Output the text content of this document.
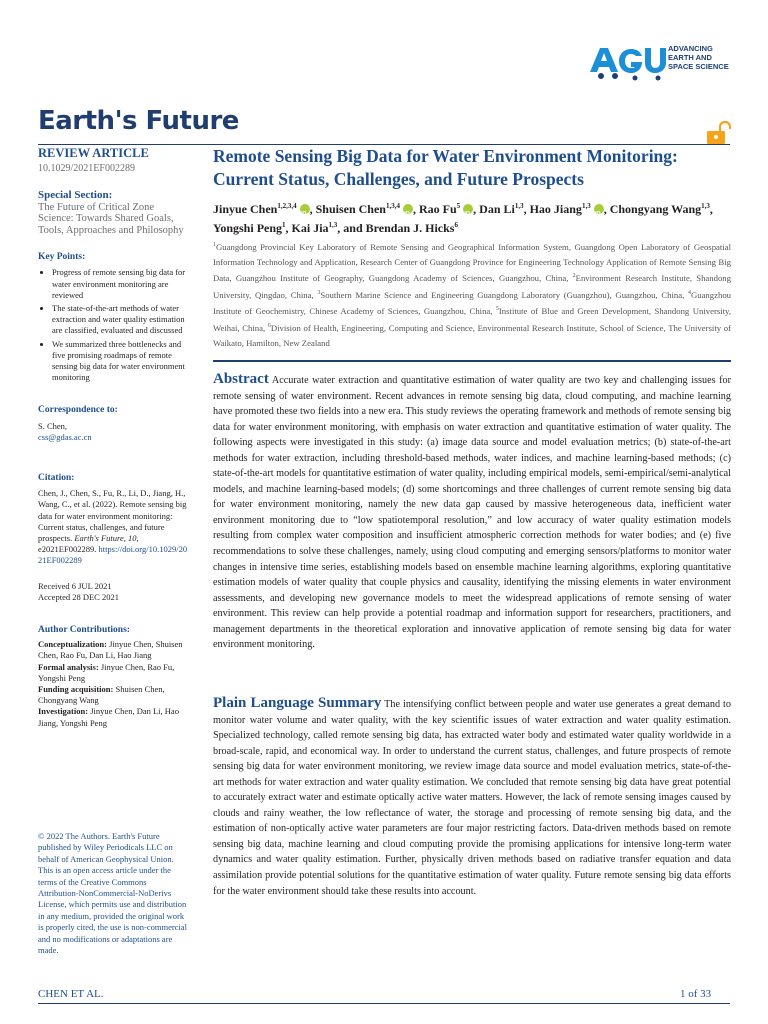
ADVANCING
EARTH AND
SPACE SCIENCE
Earth's Future
REVIEW ARTICLE
10.1029/2021EF002289
Special Section:
The Future of Critical Zone Science: Towards Shared Goals, Tools, Approaches and Philosophy
Key Points:
• Progress of remote sensing big data for water environment monitoring are reviewed
• The state-of-the-art methods of water extraction and water quality estimation are classified, evaluated and discussed
• We summarized three bottlenecks and five promising roadmaps of remote sensing big data for water environment monitoring
Correspondence to:
S. Chen,
css@gdas.ac.cn
Citation:
Chen, J., Chen, S., Fu, R., Li, D., Jiang, H., Wang, C., et al. (2022). Remote sensing big data for water environment monitoring: Current status, challenges, and future prospects. Earth's Future, 10, e2021EF002289. https://doi.org/10.1029/2021EF002289
Received 6 JUL 2021
Accepted 28 DEC 2021
Author Contributions:
Conceptualization: Jinyue Chen, Shuisen Chen, Rao Fu, Dan Li, Hao Jiang
Formal analysis: Jinyue Chen, Rao Fu, Yongshi Peng
Funding acquisition: Shuisen Chen, Chongyang Wang
Investigation: Jinyue Chen, Dan Li, Hao Jiang, Yongshi Peng
© 2022 The Authors. Earth's Future published by Wiley Periodicals LLC on behalf of American Geophysical Union. This is an open access article under the terms of the Creative Commons Attribution-NonCommercial-NoDerivs License, which permits use and distribution in any medium, provided the original work is properly cited, the use is non-commercial and no modifications or adaptations are made.
Remote Sensing Big Data for Water Environment Monitoring: Current Status, Challenges, and Future Prospects
Jinyue Chen$^{1,2,3,4}$ iD , Shuisen Chen$^{1,3,4}$ iD , Rao Fu$^5$ iD , Dan Li$^{1,3}$, Hao Jiang$^{1,3}$ iD , Chongyang Wang$^{1,3}$, Yongshi Peng$^1$, Kai Jia$^{1,3}$, and Brendan J. Hicks$^6$
$^1$Guangdong Provincial Key Laboratory of Remote Sensing and Geographical Information System, Guangdong Open Laboratory of Geospatial Information Technology and Application, Research Center of Guangdong Province for Engineering Technology Application of Remote Sensing Big Data, Guangzhou Institute of Geography, Guangdong Academy of Sciences, Guangzhou, China, $^2$Environment Research Institute, Shandong University, Qingdao, China, $^3$Southern Marine Science and Engineering Guangdong Laboratory (Guangzhou), Guangzhou, China, $^4$Guangzhou Institute of Geochemistry, Chinese Academy of Sciences, Guangzhou, China, $^5$Institute of Blue and Green Development, Shandong University, Weihai, China, $^6$Division of Health, Engineering, Computing and Science, Environmental Research Institute, School of Science, The University of Waikato, Hamilton, New Zealand
Abstract Accurate water extraction and quantitative estimation of water quality are two key and challenging issues for remote sensing of water environment. Recent advances in remote sensing big data, cloud computing, and machine learning have promoted these two fields into a new era. This study reviews the operating framework and methods of remote sensing big data for water environment monitoring, with emphasis on water extraction and quantitative estimation of water quality. The following aspects were investigated in this study: (a) image data source and model evaluation metrics; (b) state-of-the-art methods for water extraction, including threshold-based methods, water indices, and machine learning-based methods; (c) state-of-the-art models for quantitative estimation of water quality, including empirical models, semi-empirical/semi-analytical models, and machine learning-based models; (d) some shortcomings and three challenges of current remote sensing big data for water environment monitoring, namely the new data gap caused by massive heterogeneous data, inefficient water environment monitoring due to “low spatiotemporal resolution,” and low accuracy of water quality estimation models resulting from complex water composition and insufficient atmospheric correction methods for water bodies; and (e) five recommendations to solve these challenges, namely, using cloud computing and emerging sensors/platforms to monitor water changes in intensive time series, establishing models based on ensemble machine learning algorithms, exploring quantitative estimation models of water quality that couple physics and causality, identifying the missing elements in water environment assessments, and developing new governance models to meet the widespread applications of remote sensing of water environment. This review can help provide a potential roadmap and information support for researchers, practitioners, and management departments in the theoretical exploration and innovative application of remote sensing big data for water environment monitoring.
Plain Language Summary The intensifying conflict between people and water use generates a great demand to monitor water volume and water quality, with the key scientific issues of water extraction and water quality estimation. Specialized technology, called remote sensing big data, has extracted water body and estimated water quality worldwide in a broad-scale, rapid, and economical way. In order to understand the current status, challenges, and future prospects of remote sensing big data for water environment monitoring, we review image data source and model evaluation metrics, state-of-the-art methods for water extraction and water quality estimation. We concluded that remote sensing big data have great potential to accurately extract water and estimate optically active water matters. However, the lack of remote sensing images caused by clouds and rainy weather, the low reflectance of water, the storage and processing of remote sensing big data, and the estimation of non-optically active water parameters are four major restricting factors. Data-driven methods based on remote sensing big data, machine learning and cloud computing provide the promising applications for intensive long-term water dynamics and water quality estimation. Further, physically driven methods based on radiative transfer equation and data assimilation provide potential solutions for the quantitative estimation of water quality. Future remote sensing big data efforts for the water environment should take these results into account.
CHEN ET AL.	1 of 33
